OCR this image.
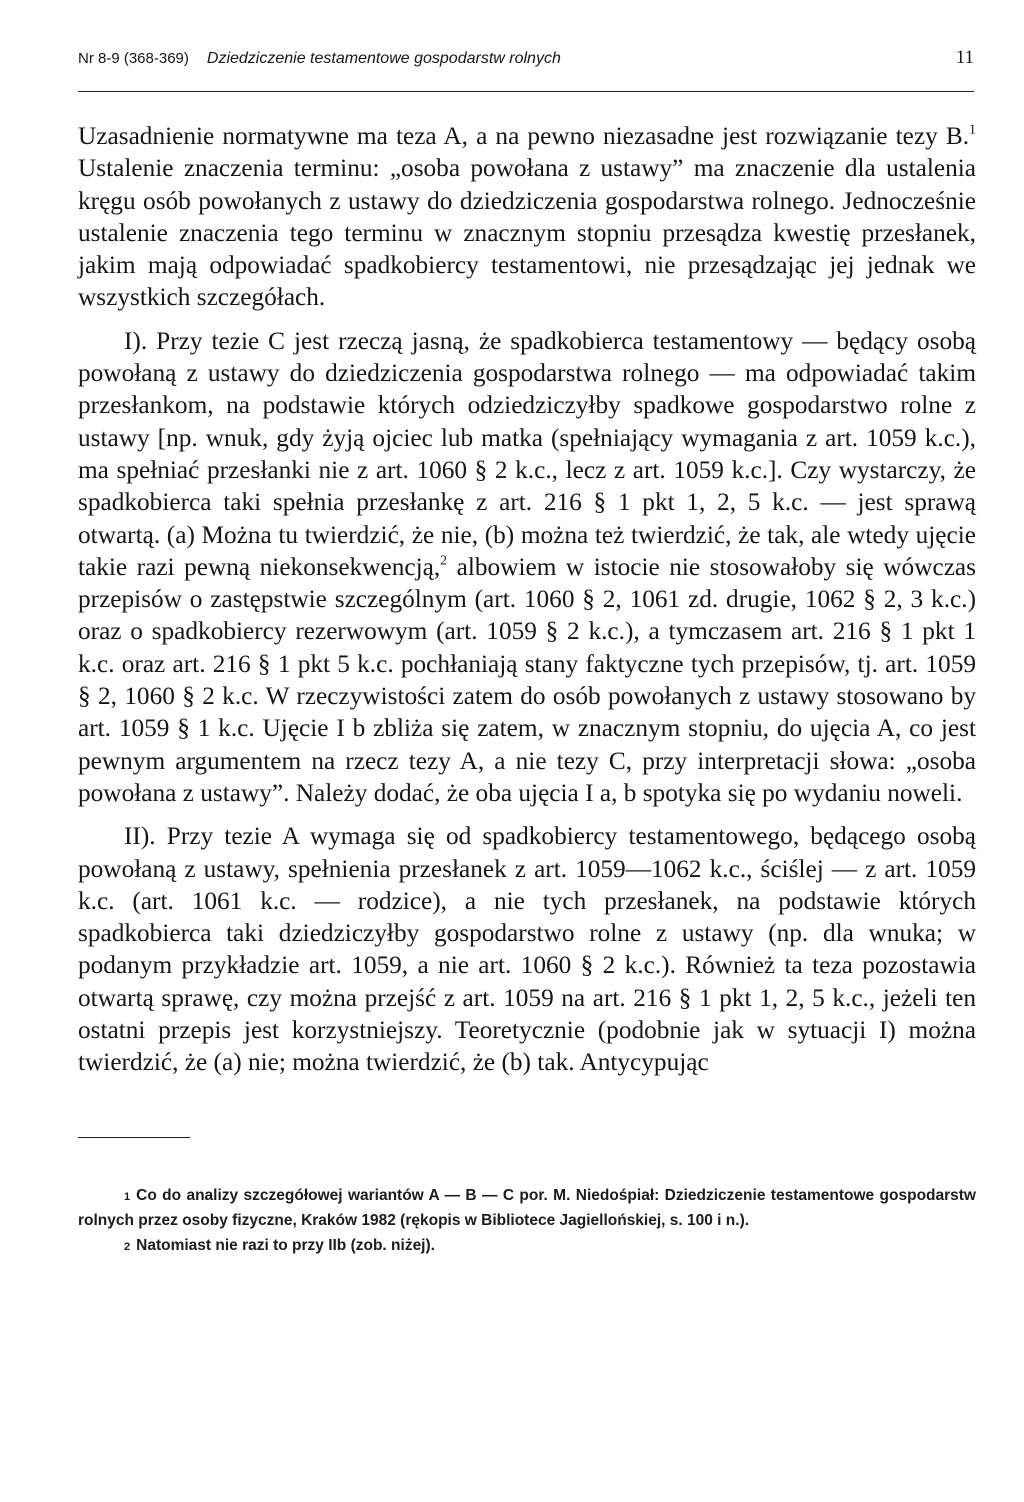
Nr 8-9 (368-369) Dziedziczenie testamentowe gospodarstw rolnych	11

Uzasadnienie normatywne ma teza A, a na pewno niezasadne jest rozwiązanie tezy B.$^1$ Ustalenie znaczenia terminu: „osoba powołana z ustawy” ma znaczenie dla ustalenia kręgu osób powołanych z ustawy do dziedziczenia gospodarstwa rolnego. Jednocześnie ustalenie znaczenia tego terminu w znacznym stopniu przesądza kwestię przesłanek, jakim mają odpowiadać spadkobiercy testamentowi, nie przesądzając jej jednak we wszystkich szczegółach.

I). Przy tezie C jest rzeczą jasną, że spadkobierca testamentowy — będący osobą powołaną z ustawy do dziedziczenia gospodarstwa rolnego — ma odpowiadać takim przesłankom, na podstawie których odziedziczyłby spadkowe gospodarstwo rolne z ustawy [np. wnuk, gdy żyją ojciec lub matka (spełniający wymagania z art. 1059 k.c.), ma spełniać przesłanki nie z art. 1060 § 2 k.c., lecz z art. 1059 k.c.]. Czy wystarczy, że spadkobierca taki spełnia przesłankę z art. 216 § 1 pkt 1, 2, 5 k.c. — jest sprawą otwartą. (a) Można tu twierdzić, że nie, (b) można też twierdzić, że tak, ale wtedy ujęcie takie razi pewną niekonsekwencją,$^2$ albowiem w istocie nie stosowałoby się wówczas przepisów o zastępstwie szczególnym (art. 1060 § 2, 1061 zd. drugie, 1062 § 2, 3 k.c.) oraz o spadkobiercy rezerwowym (art. 1059 § 2 k.c.), a tymczasem art. 216 § 1 pkt 1 k.c. oraz art. 216 § 1 pkt 5 k.c. pochłaniają stany faktyczne tych przepisów, tj. art. 1059 § 2, 1060 § 2 k.c. W rzeczywistości zatem do osób powołanych z ustawy stosowano by art. 1059 § 1 k.c. Ujęcie I b zbliża się zatem, w znacznym stopniu, do ujęcia A, co jest pewnym argumentem na rzecz tezy A, a nie tezy C, przy interpretacji słowa: „osoba powołana z ustawy”. Należy dodać, że oba ujęcia I a, b spotyka się po wydaniu noweli.

II). Przy tezie A wymaga się od spadkobiercy testamentowego, będącego osobą powołaną z ustawy, spełnienia przesłanek z art. 1059—1062 k.c., ściślej — z art. 1059 k.c. (art. 1061 k.c. — rodzice), a nie tych przesłanek, na podstawie których spadkobierca taki dziedziczyłby gospodarstwo rolne z ustawy (np. dla wnuka; w podanym przykładzie art. 1059, a nie art. 1060 § 2 k.c.). Również ta teza pozostawia otwartą sprawę, czy można przejść z art. 1059 na art. 216 § 1 pkt 1, 2, 5 k.c., jeżeli ten ostatni przepis jest korzystniejszy. Teoretycznie (podobnie jak w sytuacji I) można twierdzić, że (a) nie; można twierdzić, że (b) tak. Antycypując

1 Co do analizy szczegółowej wariantów A — B — C por. M. Niedośpiał: Dziedziczenie testamentowe gospodarstw rolnych przez osoby fizyczne, Kraków 1982 (rękopis w Bibliotece Jagiellońskiej, s. 100 i n.).

2 Natomiast nie razi to przy IIb (zob. niżej).
